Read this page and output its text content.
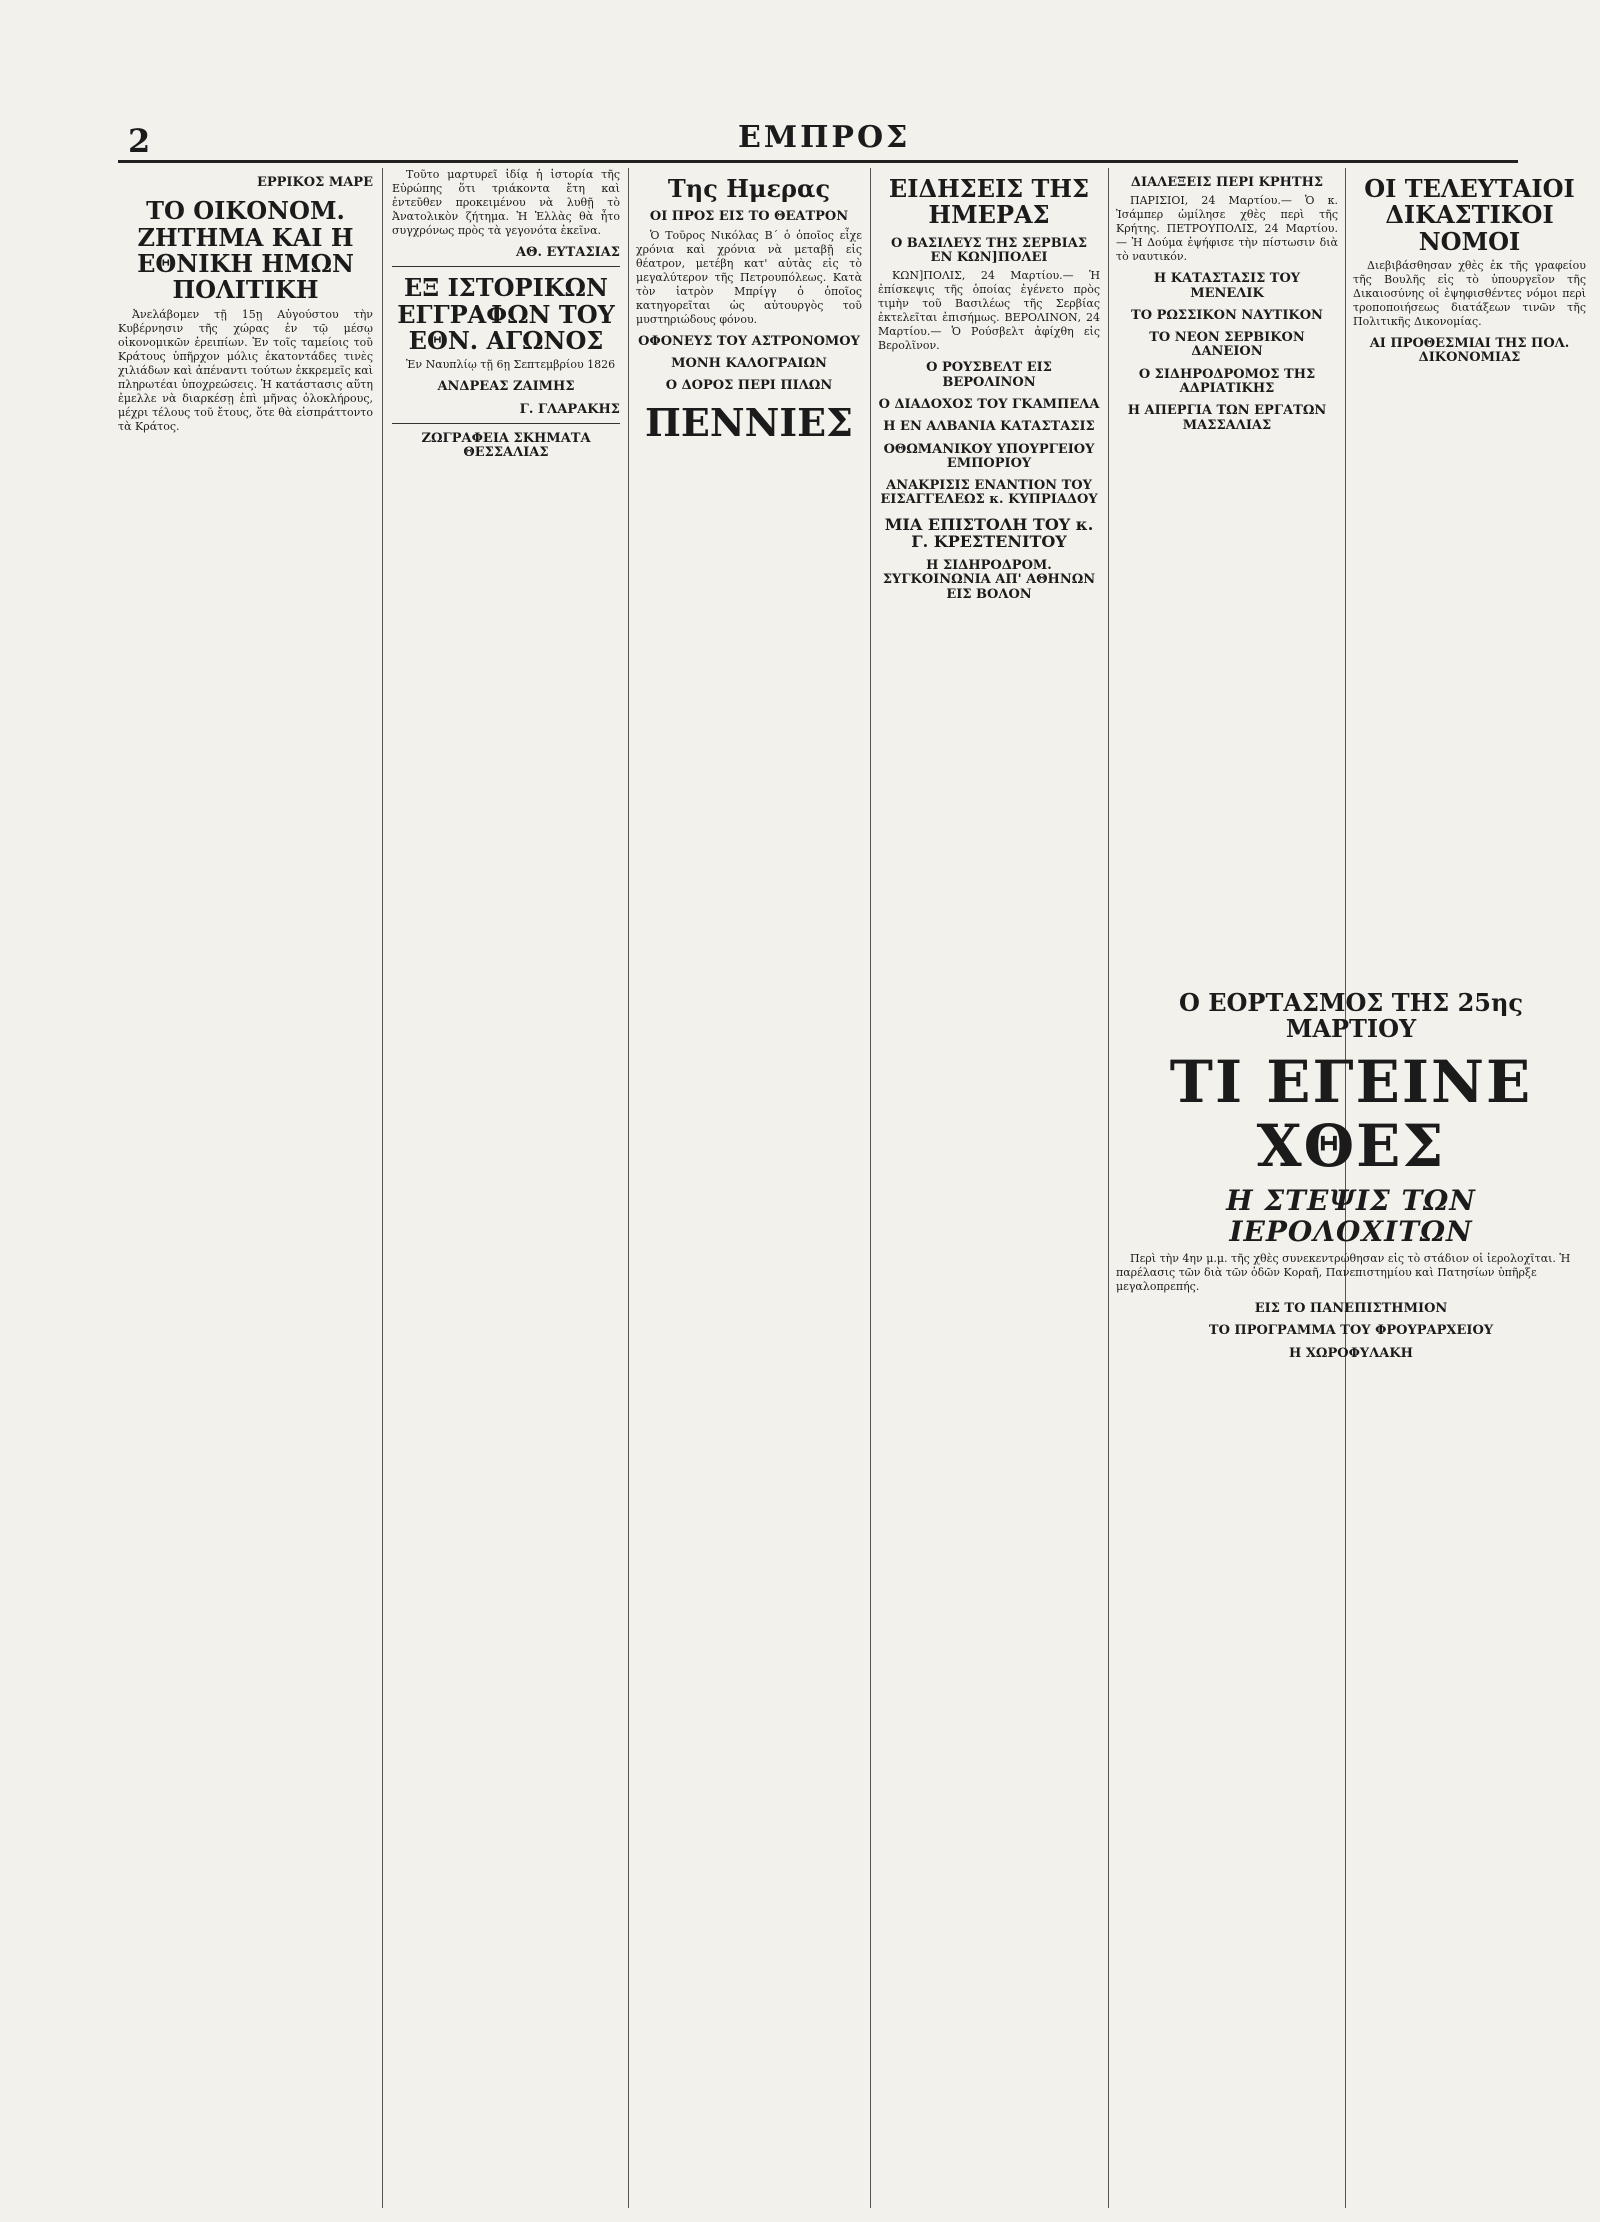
2	ΕΜΠΡΟΣ
ΕΡΡΙΚΟΣ ΜΑΡΕ
ΤΟ ΟΙΚΟΝΟΜ. ΖΗΤΗΜΑ ΚΑΙ Η ΕΘΝΙΚΗ ΗΜΩΝ ΠΟΛΙΤΙΚΗ

Ἀνελάβομεν τῇ 15ῃ Αὐγούστου τὴν Κυβέρνησιν τῆς χώρας ἐν τῷ μέσῳ οἰκονομικῶν ἐρειπίων. Ἐν τοῖς ταμείοις τοῦ Κράτους ὑπῆρχον μόλις ἑκατοντάδες τινὲς χιλιάδων καὶ ἀπέναντι τούτων ἐκκρεμεῖς καὶ πληρωτέαι ὑποχρεώσεις. Ἡ κατάστασις αὕτη ἐμελλε νὰ διαρκέσῃ ἐπὶ μῆνας ὁλοκλήρους, μέχρι τέλους τοῦ ἔτους, ὅτε θὰ εἰσπράττοντο τὰ Κράτος.

Τοῦτο μαρτυρεῖ ἰδίᾳ ἡ ἱστορία τῆς Εὐρώπης ὅτι τριάκοντα ἔτη καὶ ἐντεῦθεν προκειμένου νὰ λυθῇ τὸ Ἀνατολικὸν ζήτημα. Ἡ Ἑλλὰς θὰ ἦτο συγχρόνως πρὸς τὰ γεγονότα ἐκεῖνα.

ΑΘ. ΕΥΤΑΣΙΑΣ
ΕΞ ΙΣΤΟΡΙΚΩΝ ΕΓΓΡΑΦΩΝ ΤΟΥ ΕΘΝ. ΑΓΩΝΟΣ

Ἐν Ναυπλίῳ τῇ 6ῃ Σεπτεμβρίου 1826

ΑΝΔΡΕΑΣ ΖΑΙΜΗΣ
Γ. ΓΛΑΡΑΚΗΣ
ΖΩΓΡΑΦΕΙΑ ΣΚΗΜΑΤΑ ΘΕΣΣΑΛΙΑΣ
Της Ημερας
ΟΙ ΠΡΟΣ ΕΙΣ ΤΟ ΘΕΑΤΡΟΝ

Ὁ Τοῦρος Νικόλας Β΄ ὁ ὁποῖος εἶχε χρόνια καὶ χρόνια νὰ μεταβῇ εἰς θέατρον, μετέβη κατ' αὐτὰς εἰς τὸ μεγαλύτερον τῆς Πετρουπόλεως. Κατὰ τὸν ἰατρὸν Μπρίγγ ὁ ὁποῖος κατηγορεῖται ὡς αὐτουργὸς τοῦ μυστηριώδους φόνου.

ΟΦΟΝΕΥΣ ΤΟΥ ΑΣΤΡΟΝΟΜΟΥ
ΜΟΝΗ ΚΑΛΟΓΡΑΙΩΝ
Ο ΔΟΡΟΣ ΠΕΡΙ ΠΙΛΩΝ
ΠΕΝΝΙΕΣ
ΕΙΔΗΣΕΙΣ ΤΗΣ ΗΜΕΡΑΣ
Ο ΒΑΣΙΛΕΥΣ ΤΗΣ ΣΕΡΒΙΑΣ ΕΝ ΚΩΝ]ΠΟΛΕΙ

ΚΩΝ]ΠΟΛΙΣ, 24 Μαρτίου.— Ἡ ἐπίσκεψις τῆς ὁποίας ἐγένετο πρὸς τιμὴν τοῦ Βασιλέως τῆς Σερβίας ἐκτελεῖται ἐπισήμως. ΒΕΡΟΛΙΝΟΝ, 24 Μαρτίου.— Ὁ Ρούσβελτ ἀφίχθη εἰς Βερολῖνον.

Ο ΡΟΥΣΒΕΛΤ ΕΙΣ ΒΕΡΟΛΙΝΟΝ
Ο ΔΙΑΔΟΧΟΣ ΤΟΥ ΓΚΑΜΠΕΛΑ
Η ΕΝ ΑΛΒΑΝΙΑ ΚΑΤΑΣΤΑΣΙΣ
ΟΘΩΜΑΝΙΚΟΥ ΥΠΟΥΡΓΕΙΟΥ ΕΜΠΟΡΙΟΥ
ΑΝΑΚΡΙΣΙΣ ΕΝΑΝΤΙΟΝ ΤΟΥ ΕΙΣΑΓΓΕΛΕΩΣ κ. ΚΥΠΡΙΑΔΟΥ
ΜΙΑ ΕΠΙΣΤΟΛΗ ΤΟΥ κ. Γ. ΚΡΕΣΤΕΝΙΤΟΥ
Η ΣΙΔΗΡΟΔΡΟΜ. ΣΥΓΚΟΙΝΩΝΙΑ ΑΠ' ΑΘΗΝΩΝ ΕΙΣ ΒΟΛΟΝ
ΔΙΑΛΕΞΕΙΣ ΠΕΡΙ ΚΡΗΤΗΣ

ΠΑΡΙΣΙΟΙ, 24 Μαρτίου.— Ὁ κ. Ἰσάμπερ ὡμίλησε χθὲς περὶ τῆς Κρήτης. ΠΕΤΡΟΥΠΟΛΙΣ, 24 Μαρτίου.— Ἡ Δούμα ἐψήφισε τὴν πίστωσιν διὰ τὸ ναυτικόν.

Η ΚΑΤΑΣΤΑΣΙΣ ΤΟΥ ΜΕΝΕΛΙΚ
ΤΟ ΡΩΣΣΙΚΟΝ ΝΑΥΤΙΚΟΝ
ΤΟ ΝΕΟΝ ΣΕΡΒΙΚΟΝ ΔΑΝΕΙΟΝ
Ο ΣΙΔΗΡΟΔΡΟΜΟΣ ΤΗΣ ΑΔΡΙΑΤΙΚΗΣ
Η ΑΠΕΡΓΙΑ ΤΩΝ ΕΡΓΑΤΩΝ ΜΑΣΣΑΛΙΑΣ
ΟΙ ΤΕΛΕΥΤΑΙΟΙ ΔΙΚΑΣΤΙΚΟΙ ΝΟΜΟΙ

Διεβιβάσθησαν χθὲς ἐκ τῆς γραφείου τῆς Βουλῆς εἰς τὸ ὑπουργεῖον τῆς Δικαιοσύνης οἱ ἐψηφισθέντες νόμοι περὶ τροποποιήσεως διατάξεων τινῶν τῆς Πολιτικῆς Δικονομίας.

ΑΙ ΠΡΟΘΕΣΜΙΑΙ ΤΗΣ ΠΟΛ. ΔΙΚΟΝΟΜΙΑΣ
Ο ΕΟΡΤΑΣΜΟΣ ΤΗΣ 25ης ΜΑΡΤΙΟΥ
ΤΙ ΕΓΕΙΝΕ ΧΘΕΣ
Η ΣΤΕΨΙΣ ΤΩΝ ΙΕΡΟΛΟΧΙΤΩΝ

Περὶ τὴν 4ην μ.μ. τῆς χθὲς συνεκεντρώθησαν εἰς τὸ στάδιον οἱ ἱερολοχῖται. Ἡ παρέλασις τῶν διὰ τῶν ὁδῶν Κοραῆ, Πανεπιστημίου καὶ Πατησίων ὑπῆρξε μεγαλοπρεπής.

ΕΙΣ ΤΟ ΠΑΝΕΠΙΣΤΗΜΙΟΝ
ΤΟ ΠΡΟΓΡΑΜΜΑ ΤΟΥ ΦΡΟΥΡΑΡΧΕΙΟΥ
Η ΧΩΡΟΦΥΛΑΚΗ
